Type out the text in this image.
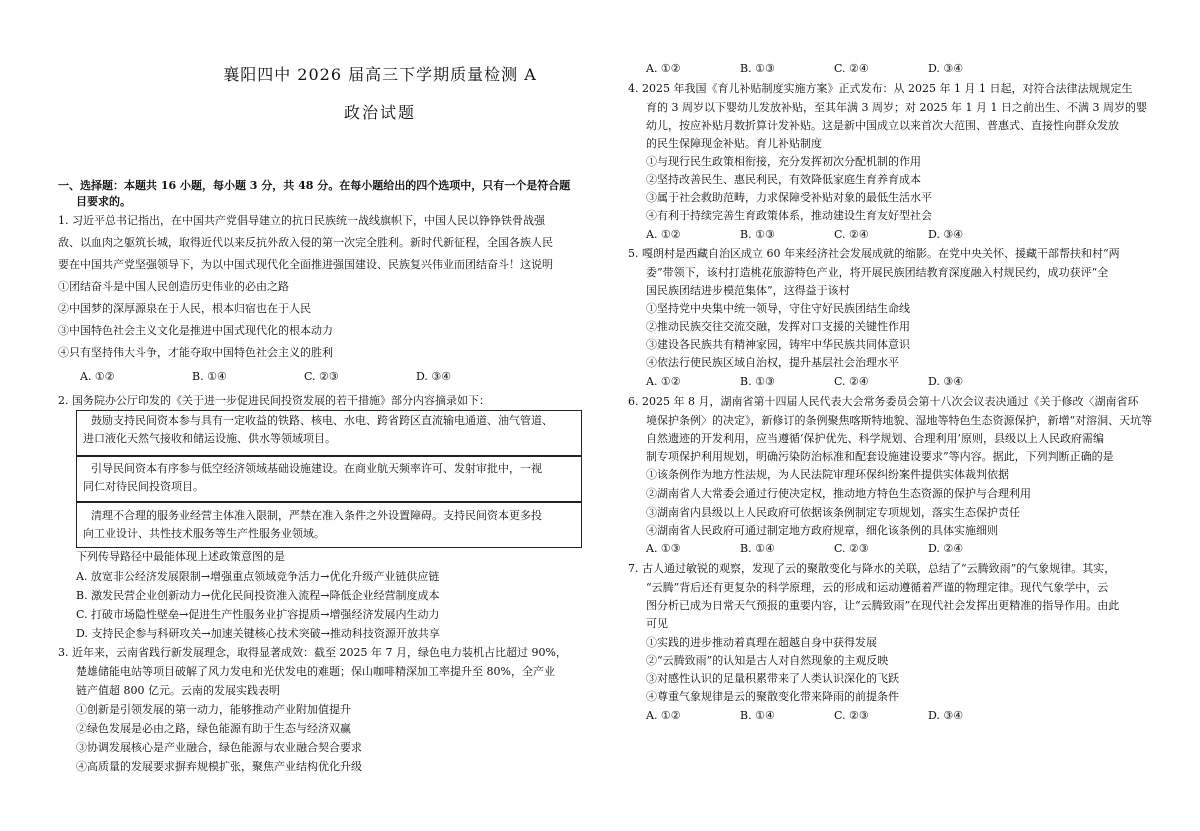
襄阳四中 2026 届高三下学期质量检测 A
政治试题
一、选择题：本题共 16 小题，每小题 3 分，共 48 分。在每小题给出的四个选项中，只有一个是符合题
目要求的。
1. 习近平总书记指出，在中国共产党倡导建立的抗日民族统一战线旗帜下，中国人民以铮铮铁骨战强
敌、以血肉之躯筑长城，取得近代以来反抗外敌入侵的第一次完全胜利。新时代新征程，全国各族人民
要在中国共产党坚强领导下，为以中国式现代化全面推进强国建设、民族复兴伟业而团结奋斗！这说明
①团结奋斗是中国人民创造历史伟业的必由之路
②中国梦的深厚源泉在于人民，根本归宿也在于人民
③中国特色社会主义文化是推进中国式现代化的根本动力
④只有坚持伟大斗争，才能夺取中国特色社会主义的胜利
A. ①②	B. ①④	C. ②③	D. ③④
2. 国务院办公厅印发的《关于进一步促进民间投资发展的若干措施》部分内容摘录如下：
鼓励支持民间资本参与具有一定收益的铁路、核电、水电、跨省跨区直流输电通道、油气管道、
进口液化天然气接收和储运设施、供水等领域项目。
引导民间资本有序参与低空经济领域基础设施建设。在商业航天频率许可、发射审批中，一视
同仁对待民间投资项目。
清理不合理的服务业经营主体准入限制，严禁在准入条件之外设置障碍。支持民间资本更多投
向工业设计、共性技术服务等生产性服务业领域。
下列传导路径中最能体现上述政策意图的是
A. 放宽非公经济发展限制→增强重点领域竞争活力→优化升级产业链供应链
B. 激发民营企业创新动力→优化民间投资准入流程→降低企业经营制度成本
C. 打破市场隐性壁垒→促进生产性服务业扩容提质→增强经济发展内生动力
D. 支持民企参与科研攻关→加速关键核心技术突破→推动科技资源开放共享
3. 近年来，云南省践行新发展理念，取得显著成效：截至 2025 年 7 月，绿色电力装机占比超过 90%，
楚雄储能电站等项目破解了风力发电和光伏发电的难题；保山咖啡精深加工率提升至 80%，全产业
链产值超 800 亿元。云南的发展实践表明
①创新是引领发展的第一动力，能够推动产业附加值提升
②绿色发展是必由之路，绿色能源有助于生态与经济双赢
③协调发展核心是产业融合，绿色能源与农业融合契合要求
④高质量的发展要求摒弃规模扩张，聚焦产业结构优化升级
A. ①②	B. ①③	C. ②④	D. ③④
4. 2025 年我国《育儿补贴制度实施方案》正式发布：从 2025 年 1 月 1 日起，对符合法律法规规定生
育的 3 周岁以下婴幼儿发放补贴，至其年满 3 周岁；对 2025 年 1 月 1 日之前出生、不满 3 周岁的婴
幼儿，按应补贴月数折算计发补贴。这是新中国成立以来首次大范围、普惠式、直接性向群众发放
的民生保障现金补贴。育儿补贴制度
①与现行民生政策相衔接，充分发挥初次分配机制的作用
②坚持改善民生、惠民利民，有效降低家庭生育养育成本
③属于社会救助范畴，力求保障受补贴对象的最低生活水平
④有利于持续完善生育政策体系，推动建设生育友好型社会
A. ①②	B. ①③	C. ②④	D. ③④
5. 嘎朗村是西藏自治区成立 60 年来经济社会发展成就的缩影。在党中央关怀、援藏干部帮扶和村“两
委”带领下，该村打造桃花旅游特色产业，将开展民族团结教育深度融入村规民约，成功获评“全
国民族团结进步模范集体”，这得益于该村
①坚持党中央集中统一领导，守住守好民族团结生命线
②推动民族交往交流交融，发挥对口支援的关键性作用
③建设各民族共有精神家园，铸牢中华民族共同体意识
④依法行使民族区域自治权，提升基层社会治理水平
A. ①②	B. ①③	C. ②④	D. ③④
6. 2025 年 8 月，湖南省第十四届人民代表大会常务委员会第十八次会议表决通过《关于修改〈湖南省环
境保护条例〉的决定》，新修订的条例聚焦喀斯特地貌、湿地等特色生态资源保护，新增“对溶洞、天坑等
自然遗迹的开发利用，应当遵循‘保护优先、科学规划、合理利用’原则，县级以上人民政府需编
制专项保护利用规划，明确污染防治标准和配套设施建设要求”等内容。据此，下列判断正确的是
①该条例作为地方性法规，为人民法院审理环保纠纷案件提供实体裁判依据
②湖南省人大常委会通过行使决定权，推动地方特色生态资源的保护与合理利用
③湖南省内县级以上人民政府可依据该条例制定专项规划，落实生态保护责任
④湖南省人民政府可通过制定地方政府规章，细化该条例的具体实施细则
A. ①③	B. ①④	C. ②③	D. ②④
7. 古人通过敏锐的观察，发现了云的聚散变化与降水的关联，总结了“云腾致雨”的气象规律。其实，
“云腾”背后还有更复杂的科学原理，云的形成和运动遵循着严谨的物理定律。现代气象学中，云
图分析已成为日常天气预报的重要内容，让“云腾致雨”在现代社会发挥出更精准的指导作用。由此
可见
①实践的进步推动着真理在超越自身中获得发展
②“云腾致雨”的认知是古人对自然现象的主观反映
③对感性认识的足量积累带来了人类认识深化的飞跃
④尊重气象规律是云的聚散变化带来降雨的前提条件
A. ①②	B. ①④	C. ②③	D. ③④
